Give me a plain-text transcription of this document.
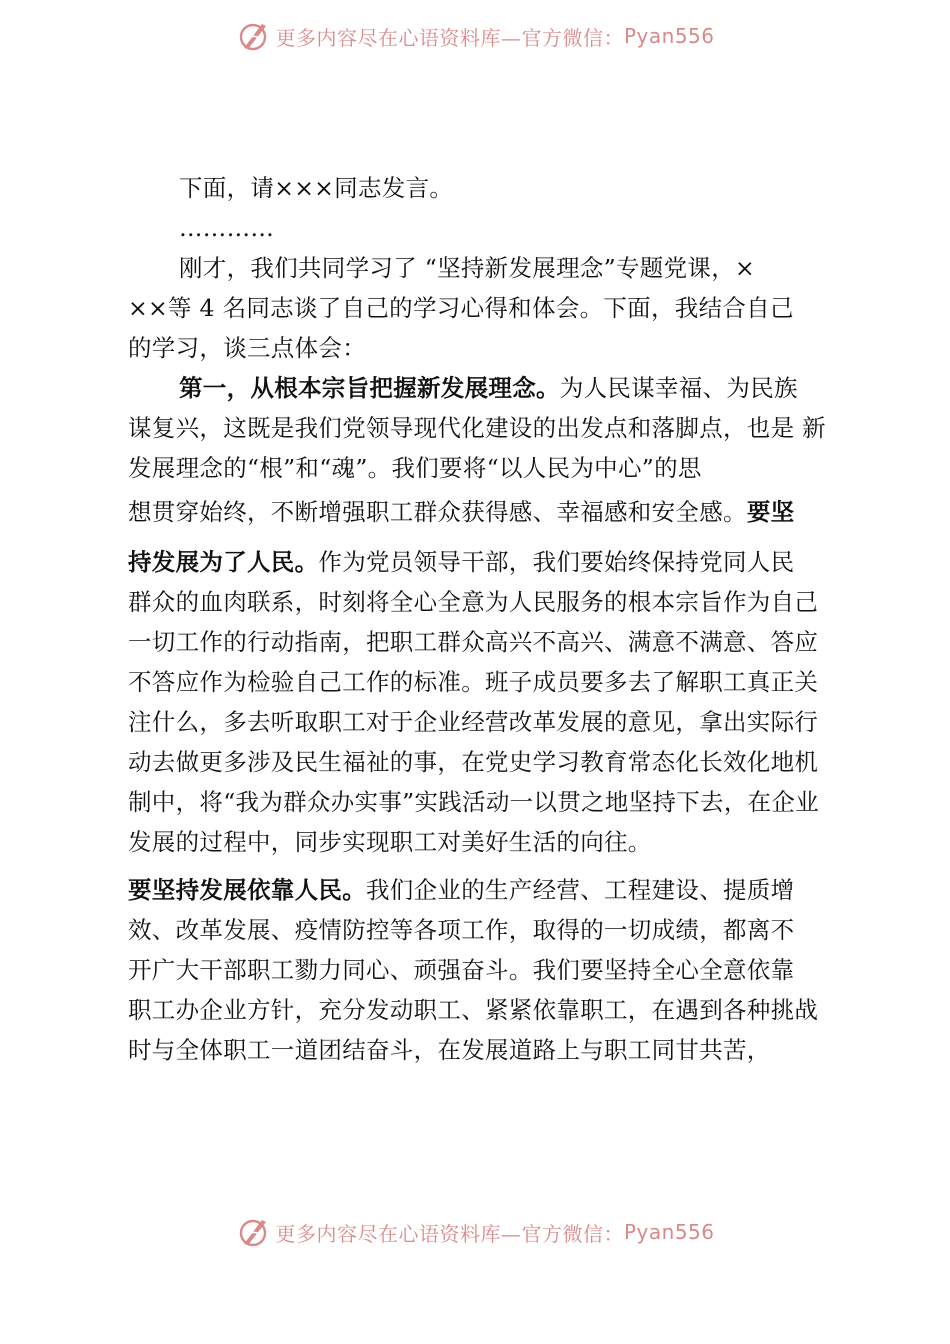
更多内容尽在心语资料库—官方微信： Pyan556
下面，请×××同志发言。
…………
刚才，我们共同学习了 “坚持新发展理念”专题党课，×
××等 4 名同志谈了自己的学习心得和体会。下面，我结合自己
的学习，谈三点体会：
第一，从根本宗旨把握新发展理念。为人民谋幸福、为民族
谋复兴，这既是我们党领导现代化建设的出发点和落脚点，也是 新
发展理念的“根”和“魂”。我们要将“以人民为中心”的思
想贯穿始终，不断增强职工群众获得感、幸福感和安全感。要坚
持发展为了人民。作为党员领导干部，我们要始终保持党同人民
群众的血肉联系，时刻将全心全意为人民服务的根本宗旨作为自己
一切工作的行动指南，把职工群众高兴不高兴、满意不满意、答应
不答应作为检验自己工作的标准。班子成员要多去了解职工真正关
注什么，多去听取职工对于企业经营改革发展的意见，拿出实际行
动去做更多涉及民生福祉的事，在党史学习教育常态化长效化地机
制中，将“我为群众办实事”实践活动一以贯之地坚持下去，在企业
发展的过程中，同步实现职工对美好生活的向往。
要坚持发展依靠人民。我们企业的生产经营、工程建设、提质增
效、改革发展、疫情防控等各项工作，取得的一切成绩，都离不
开广大干部职工勠力同心、顽强奋斗。我们要坚持全心全意依靠
职工办企业方针，充分发动职工、紧紧依靠职工，在遇到各种挑战
时与全体职工一道团结奋斗，在发展道路上与职工同甘共苦，
更多内容尽在心语资料库—官方微信： Pyan556
